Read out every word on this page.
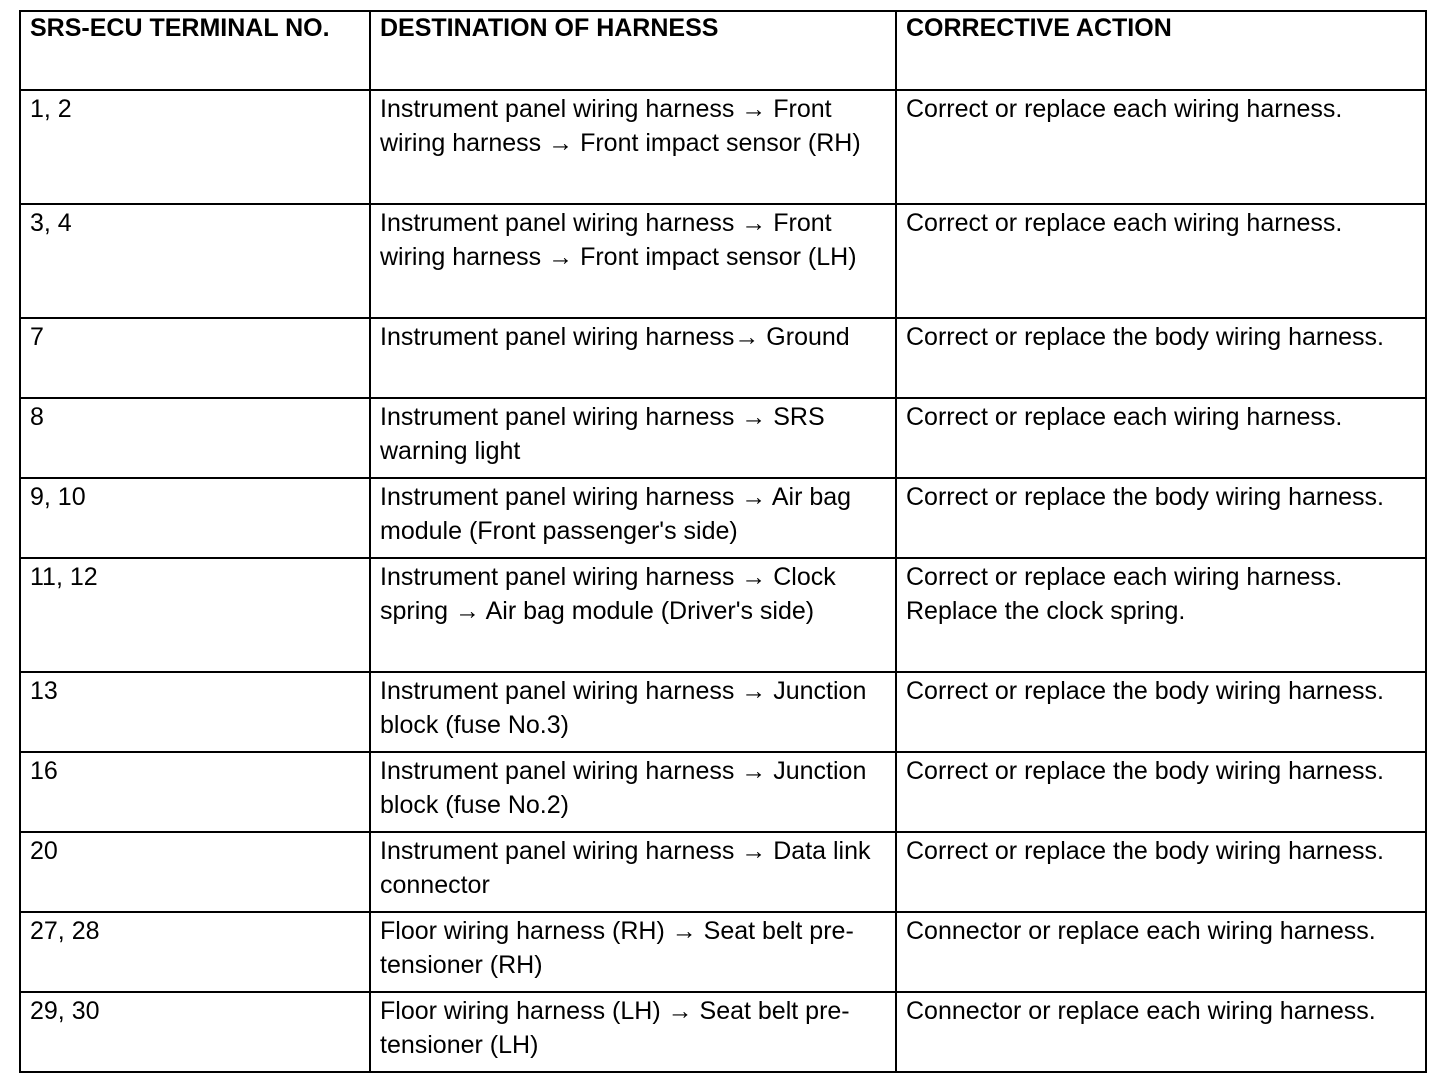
SRS-ECU TERMINAL NO.	DESTINATION OF HARNESS	CORRECTIVE ACTION
1, 2	Instrument panel wiring harness → Front wiring harness → Front impact sensor (RH)	Correct or replace each wiring harness.
3, 4	Instrument panel wiring harness → Front wiring harness → Front impact sensor (LH)	Correct or replace each wiring harness.
7	Instrument panel wiring harness→ Ground	Correct or replace the body wiring harness.
8	Instrument panel wiring harness → SRS warning light	Correct or replace each wiring harness.
9, 10	Instrument panel wiring harness → Air bag module (Front passenger's side)	Correct or replace the body wiring harness.
11, 12	Instrument panel wiring harness → Clock spring → Air bag module (Driver's side)	Correct or replace each wiring harness. Replace the clock spring.
13	Instrument panel wiring harness → Junction block (fuse No.3)	Correct or replace the body wiring harness.
16	Instrument panel wiring harness → Junction block (fuse No.2)	Correct or replace the body wiring harness.
20	Instrument panel wiring harness → Data link connector	Correct or replace the body wiring harness.
27, 28	Floor wiring harness (RH) → Seat belt pre-tensioner (RH)	Connector or replace each wiring harness.
29, 30	Floor wiring harness (LH) → Seat belt pre-tensioner (LH)	Connector or replace each wiring harness.
